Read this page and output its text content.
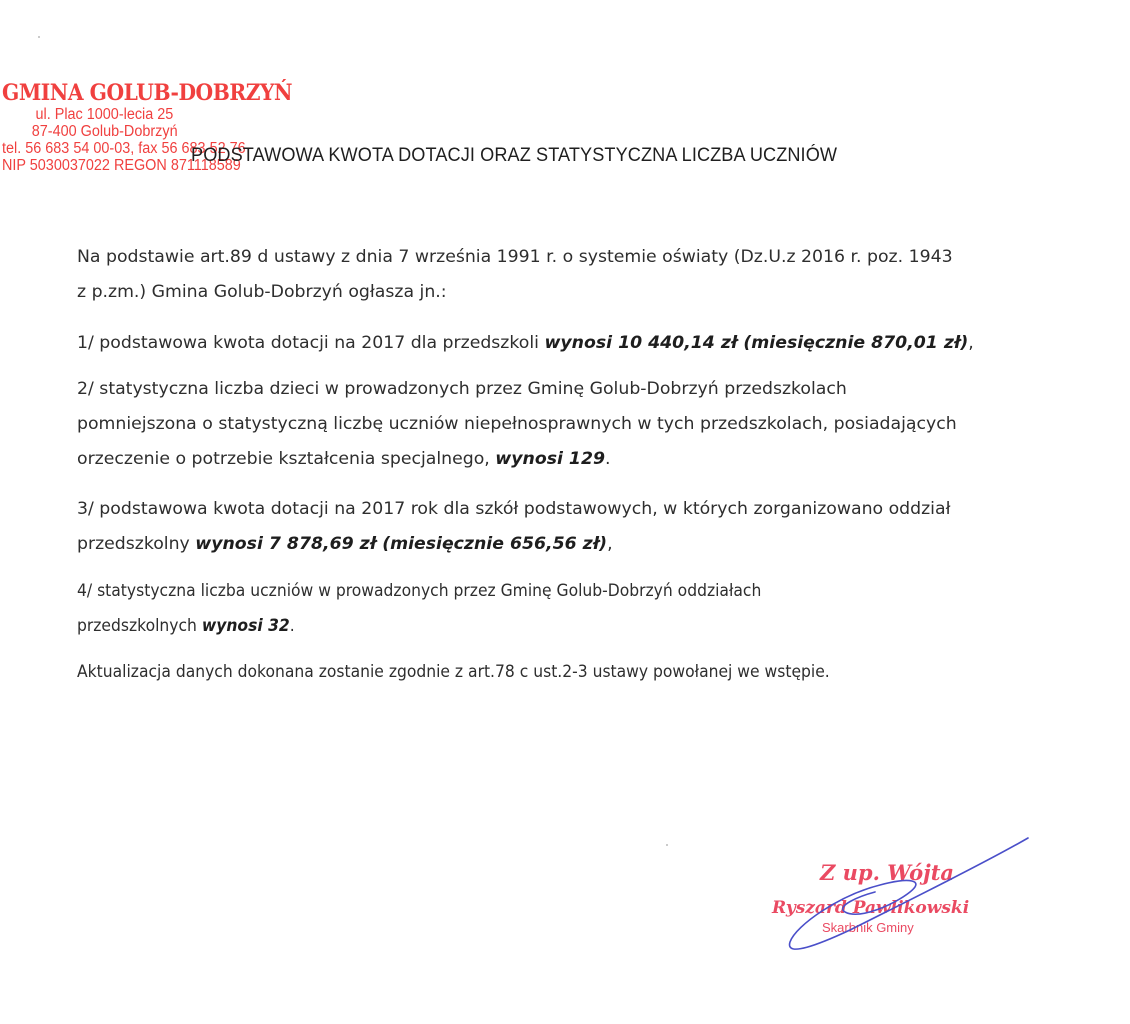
GMINA GOLUB-DOBRZYŃ
ul. Plac 1000-lecia 25
87-400 Golub-Dobrzyń
tel. 56 683 54 00-03, fax 56 683 52 76
NIP 5030037022 REGON 871118589
PODSTAWOWA KWOTA DOTACJI ORAZ STATYSTYCZNA LICZBA UCZNIÓW
Na podstawie art.89 d ustawy z dnia 7 września 1991 r. o systemie oświaty (Dz.U.z 2016 r. poz. 1943
z p.zm.) Gmina Golub-Dobrzyń ogłasza jn.:
1/ podstawowa kwota dotacji na 2017 dla przedszkoli wynosi 10 440,14 zł (miesięcznie 870,01 zł),
2/ statystyczna liczba dzieci w prowadzonych przez Gminę Golub-Dobrzyń przedszkolach
pomniejszona o statystyczną liczbę uczniów niepełnosprawnych w tych przedszkolach, posiadających
orzeczenie o potrzebie kształcenia specjalnego, wynosi 129.
3/ podstawowa kwota dotacji na 2017 rok dla szkół podstawowych, w których zorganizowano oddział
przedszkolny wynosi 7 878,69 zł (miesięcznie 656,56 zł),
4/ statystyczna liczba uczniów w prowadzonych przez Gminę Golub-Dobrzyń oddziałach
przedszkolnych wynosi 32.
Aktualizacja danych dokonana zostanie zgodnie z art.78 c ust.2-3 ustawy powołanej we wstępie.
Z up. Wójta
Ryszard Pawlikowski
Skarbnik Gminy
